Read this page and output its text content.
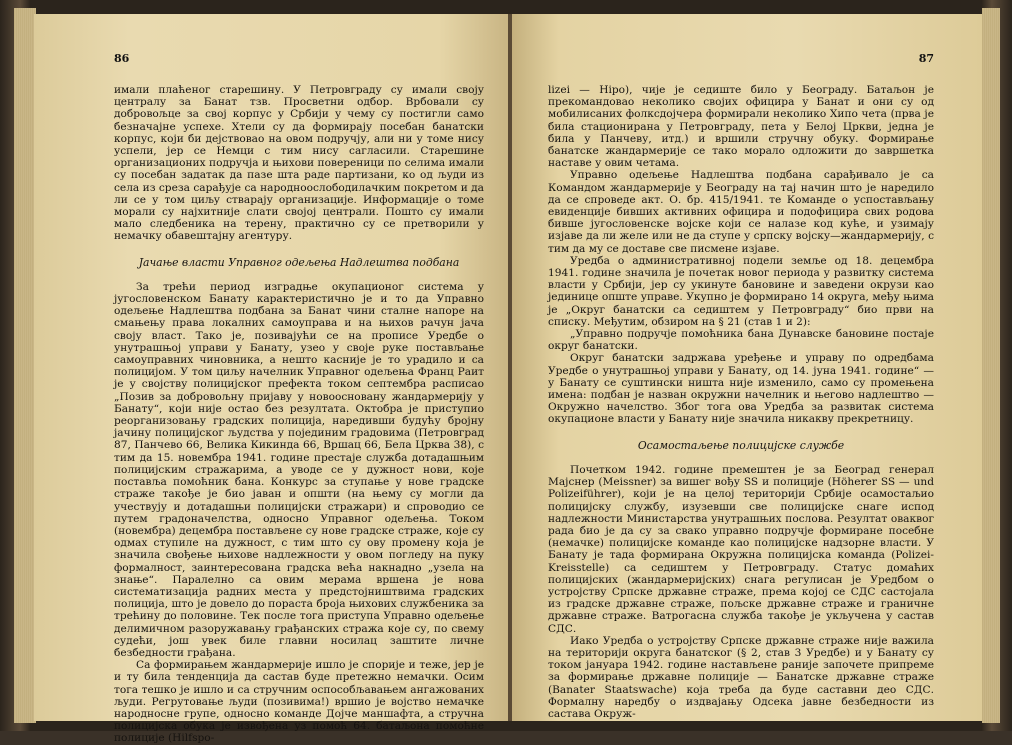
86

имали плаћеног старешину. У Петровграду су имали своју централу за Банат тзв. Просветни одбор. Врбовали су добровољце за свој корпус у Србији у чему су постигли само безначајне успехе. Хтели су да формирају посебан банатски корпус, који би дејствовао на овом подручју, али ни у томе нису успели, јер се Немци с тим нису сагласили. Старешине организационих подручја и њихови повереници по селима имали су посебан задатак да пазе шта раде партизани, ко од људи из села из среза сарађује са народноослободилачким покретом и да ли се у том циљу стварају организације. Информације о томе морали су најхитније слати својој централи. Пошто су имали мало следбеника на терену, практично су се претворили у немачку обавештајну агентуру.

Јачање власти Управног одељења Надлештва подбана

За трећи период изградње окупационог система у југословенском Банату карактеристично је и то да Управно одељење Надлештва подбана за Банат чини сталне напоре на смањењу права локалних самоуправа и на њихов рачун јача своју власт. Тако је, позивајући се на прописе Уредбе о унутрашњој управи у Банату, узео у своје руке постављање самоуправних чиновника, а нешто касније је то урадило и са полицијом. У том циљу начелник Управног одељења Франц Раит је у својству полицијског префекта током септембра расписао „Позив за добровољну пријаву у новоосновану жандармерију у Банату“, који није остао без резултата. Октобра је приступио реорганизовању градских полиција, наредивши будућу бројну јачину полицијског људства у појединим градовима (Петровград 87, Панчево 66, Велика Кикинда 66, Вршац 66, Бела Црква 38), с тим да 15. новембра 1941. године престаје служба дотадашњим полицијским стражарима, а уводе се у дужност нови, које поставља помоћник бана. Конкурс за ступање у нове градске страже такође је био јаван и општи (на њему су могли да учествују и дотадашњи полицијски стражари) и спроводио се путем градоначелства, односно Управног одељења. Током (новембра) децембра постављене су нове градске страже, које су одмах ступиле на дужност, с тим што су ову промену која је значила свођење њихове надлежности у овом погледу на пуку формалност, заинтересована градска већа накнадно „узела на знање“. Паралелно са овим мерама вршена је нова систематизација радних места у предстојништвима градских полиција, што је довело до пораста броја њихових службеника за трећину до половине. Тек после тога приступа Управно одељење делимичном разоружавању грађанских стража које су, по свему судећи, још увек биле главни носилац заштите личне безбедности грађана.

Са формирањем жандармерије ишло је спорије и теже, јер је и ту била тенденција да састав буде претежно немачки. Осим тога тешко је ишло и са стручним оспособљавањем ангажованих људи. Регрутовање људи (позивима!) вршио је војство немачке народносне групе, односно команде Дојче маншафта, а стручна полицијска обука је извођена уз помоћ 64. батаљона помоћне полиције (Hilfspo-

87

lizei — Hipo), чије је седиште било у Београду. Батаљон је прекомандовао неколико својих официра у Банат и они су од мобилисаних фолксдојчера формирали неколико Хипо чета (прва је била стационирана у Петровграду, пета у Белој Цркви, једна је била у Панчеву, итд.) и вршили стручну обуку. Формирање банатске жандармерије се тако морало одложити до завршетка наставе у овим четама.

Управно одељење Надлештва подбана сарађивало је са Командом жандармерије у Београду на тај начин што је наредило да се спроведе акт. О. бр. 415/1941. те Команде о успостављању евиденције бивших активних официра и подофицира свих родова бивше југословенске војске који се налазе код куће, и узимају изјаве да ли желе или не да ступе у српску војску—жандармерију, с тим да му се доставе све писмене изјаве.

Уредба о административној подели земље од 18. децембра 1941. године значила је почетак новог периода у развитку система власти у Србији, јер су укинуте бановине и заведени окрузи као јединице опште управе. Укупно је формирано 14 округа, међу њима је „Округ банатски са седиштем у Петровграду“ био први на списку. Међутим, обзиром на § 21 (став 1 и 2):

„Управно подручје помоћника бана Дунавске бановине постаје округ банатски.

Округ банатски задржава уређење и управу по одредбама Уредбе о унутрашњој управи у Банату, од 14. јуна 1941. године“ — у Банату се суштински ништа није изменило, само су промењена имена: подбан је назван окружни начелник и његово надлештво — Окружно начелство. Због тога ова Уредба за развитак система окупационе власти у Банату није значила никакву прекретницу.

Осамостаљење полицијске службе

Почетком 1942. године премештен је за Београд генерал Мајснер (Meissner) за вишег вођу SS и полиције (Höherer SS — und Polizeiführer), који је на целој територији Србије осамостаљио полицијску службу, изузевши све полицијске снаге испод надлежности Министарства унутрашњих послова. Резултат оваквог рада био је да су за свако управно подручје формиране посебне (немачке) полицијске команде као полицијске надзорне власти. У Банату је тада формирана Окружна полицијска команда (Polizei-Kreisstelle) са седиштем у Петровграду. Статус домаћих полицијских (жандармеријских) снага регулисан је Уредбом о устројству Српске државне страже, према којој се СДС састојала из градске државне страже, пољске државне страже и граничне државне страже. Ватрогасна служба такође је укључена у састав СДС.

Иако Уредба о устројству Српске државне страже није важила на територији округа банатског (§ 2, став 3 Уредбе) и у Банату су током јануара 1942. године настављене раније започете припреме за формирање државне полиције — Банатске државне страже (Banater Staatswache) која треба да буде саставни део СДС. Формалну наредбу о издвајању Одсека јавне безбедности из састава Окруж-
